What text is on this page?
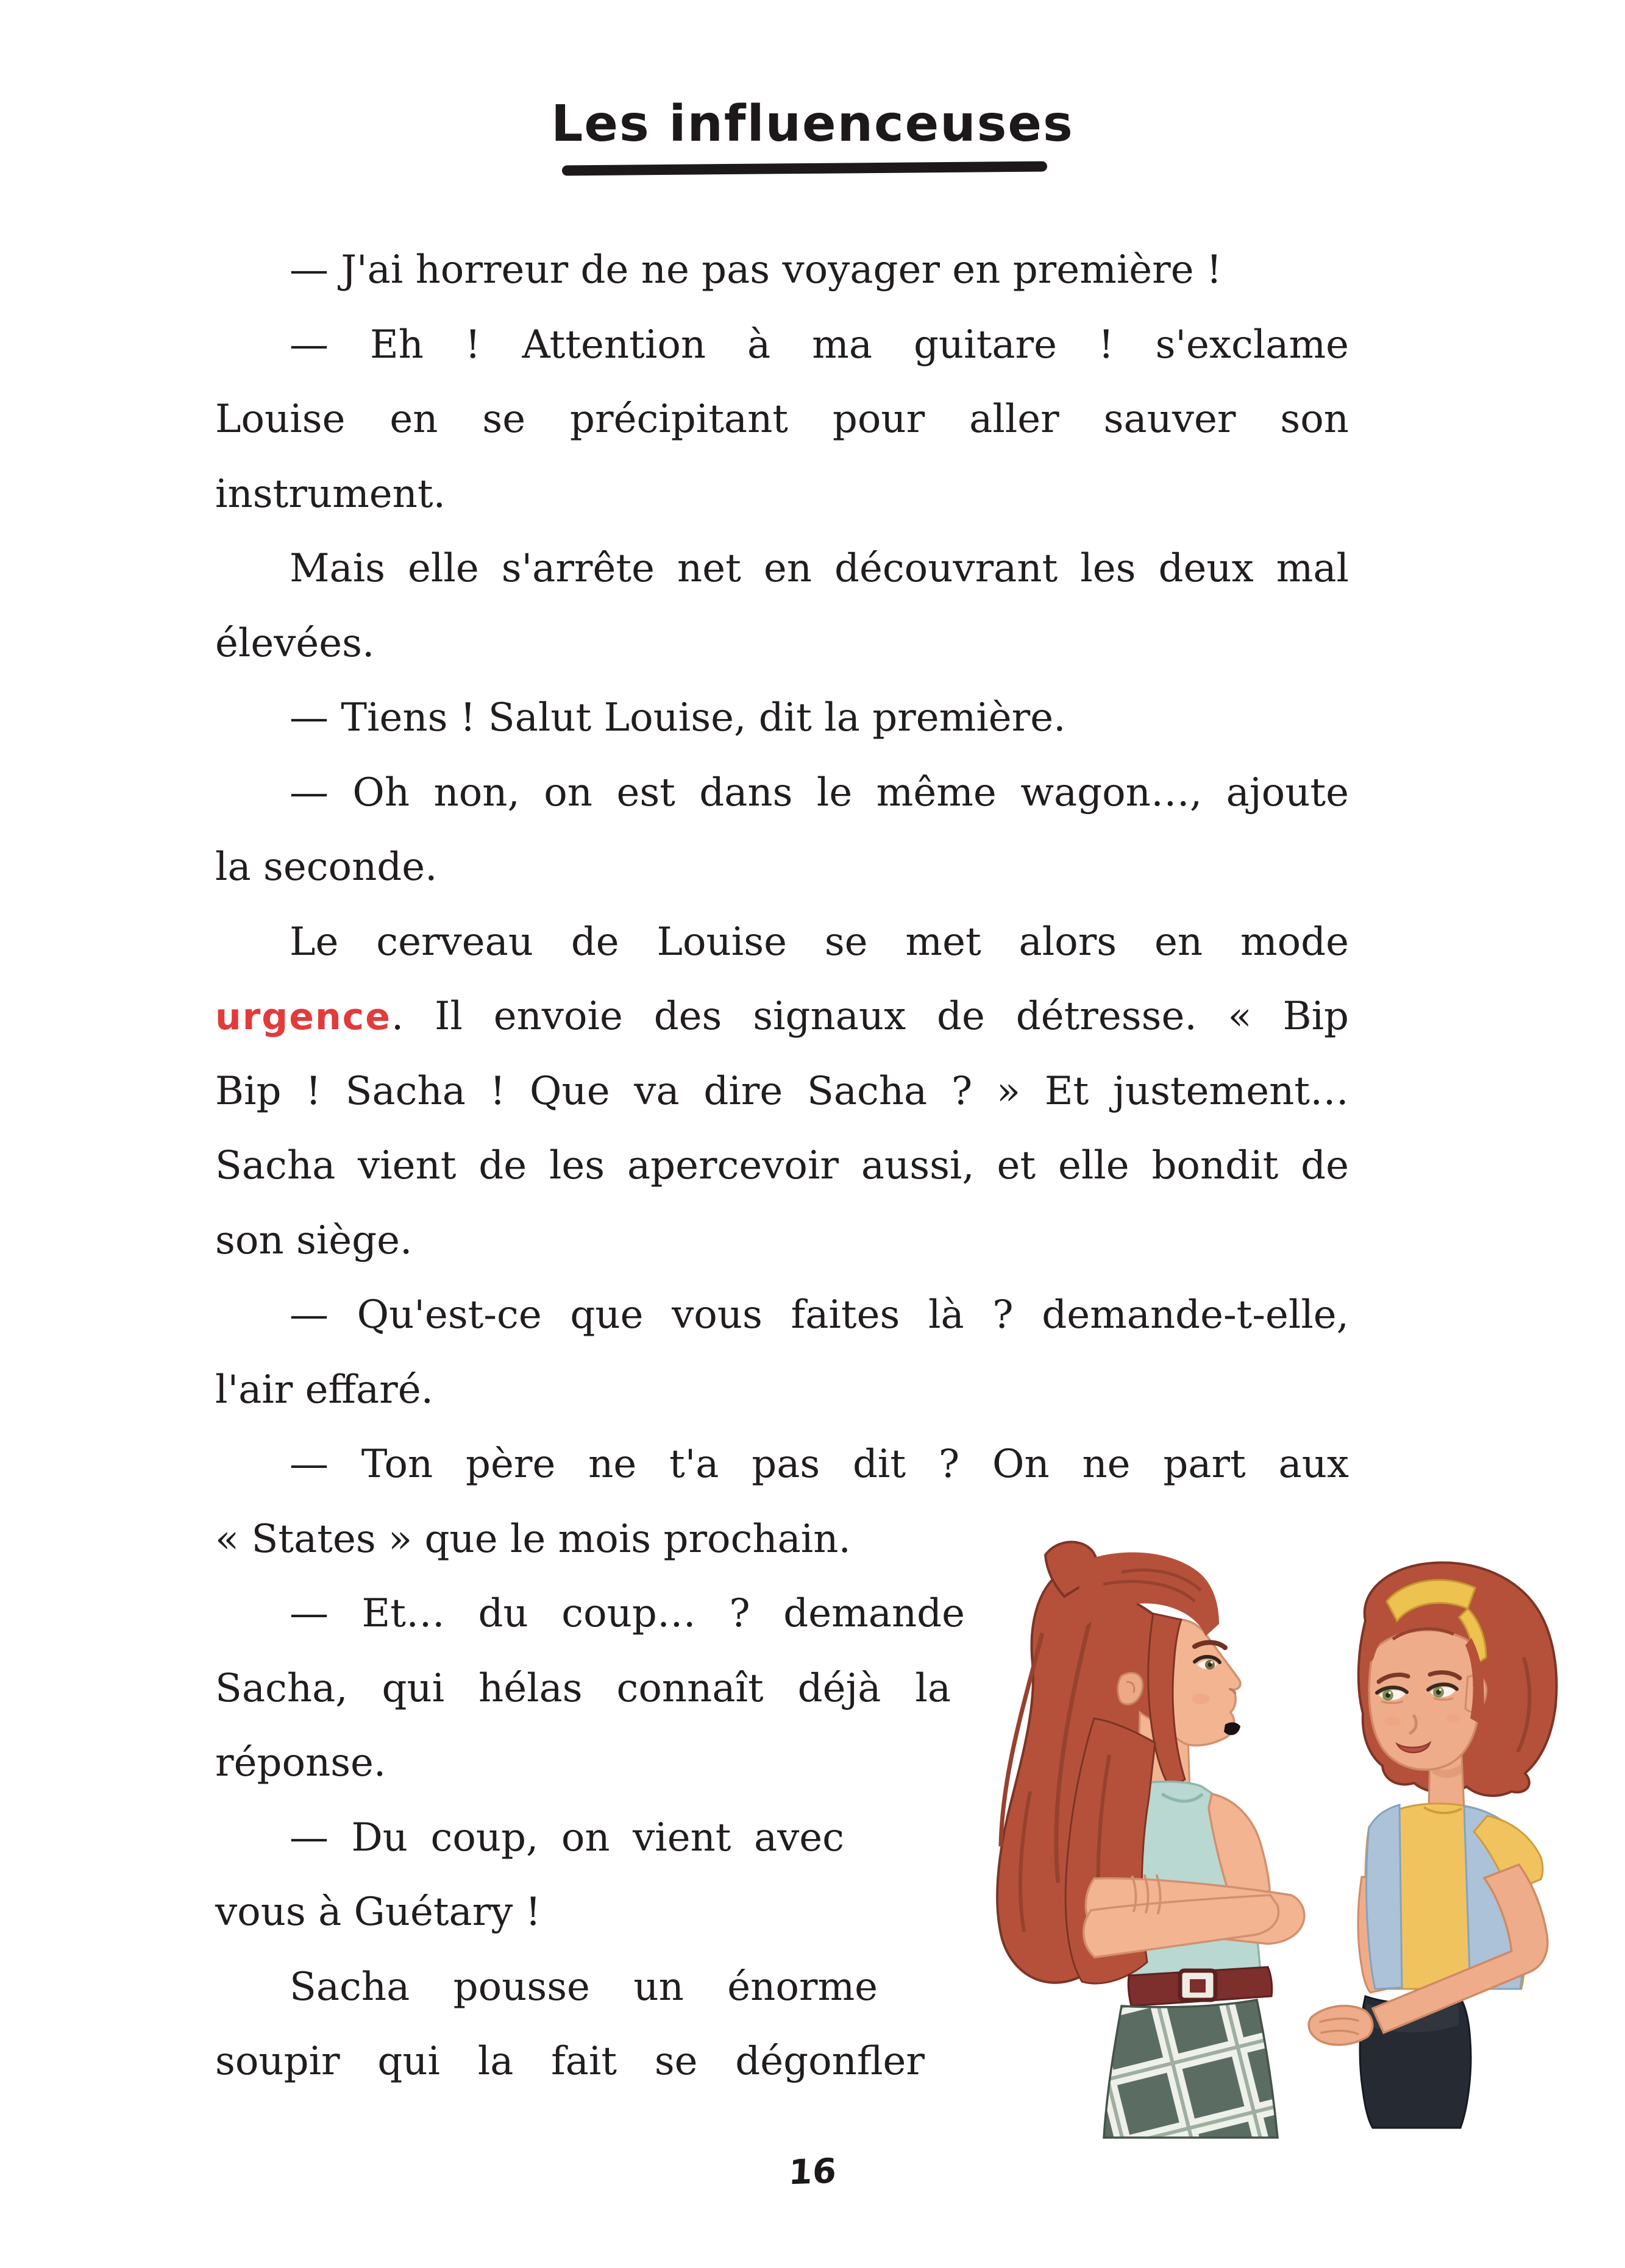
Les influenceuses
— J'ai horreur de ne pas voyager en première !
— Eh ! Attention à ma guitare ! s'exclame
Louise en se précipitant pour aller sauver son
instrument.
Mais elle s'arrête net en découvrant les deux mal
élevées.
— Tiens ! Salut Louise, dit la première.
— Oh non, on est dans le même wagon…, ajoute
la seconde.
Le cerveau de Louise se met alors en mode
urgence. Il envoie des signaux de détresse. « Bip
Bip ! Sacha ! Que va dire Sacha ? » Et justement…
Sacha vient de les apercevoir aussi, et elle bondit de
son siège.
— Qu'est-ce que vous faites là ? demande-t-elle,
l'air effaré.
— Ton père ne t'a pas dit ? On ne part aux
« States » que le mois prochain.
— Et… du coup… ? demande
Sacha, qui hélas connaît déjà la
réponse.
— Du coup, on vient avec
vous à Guétary !
Sacha pousse un énorme
soupir qui la fait se dégonfler
16
